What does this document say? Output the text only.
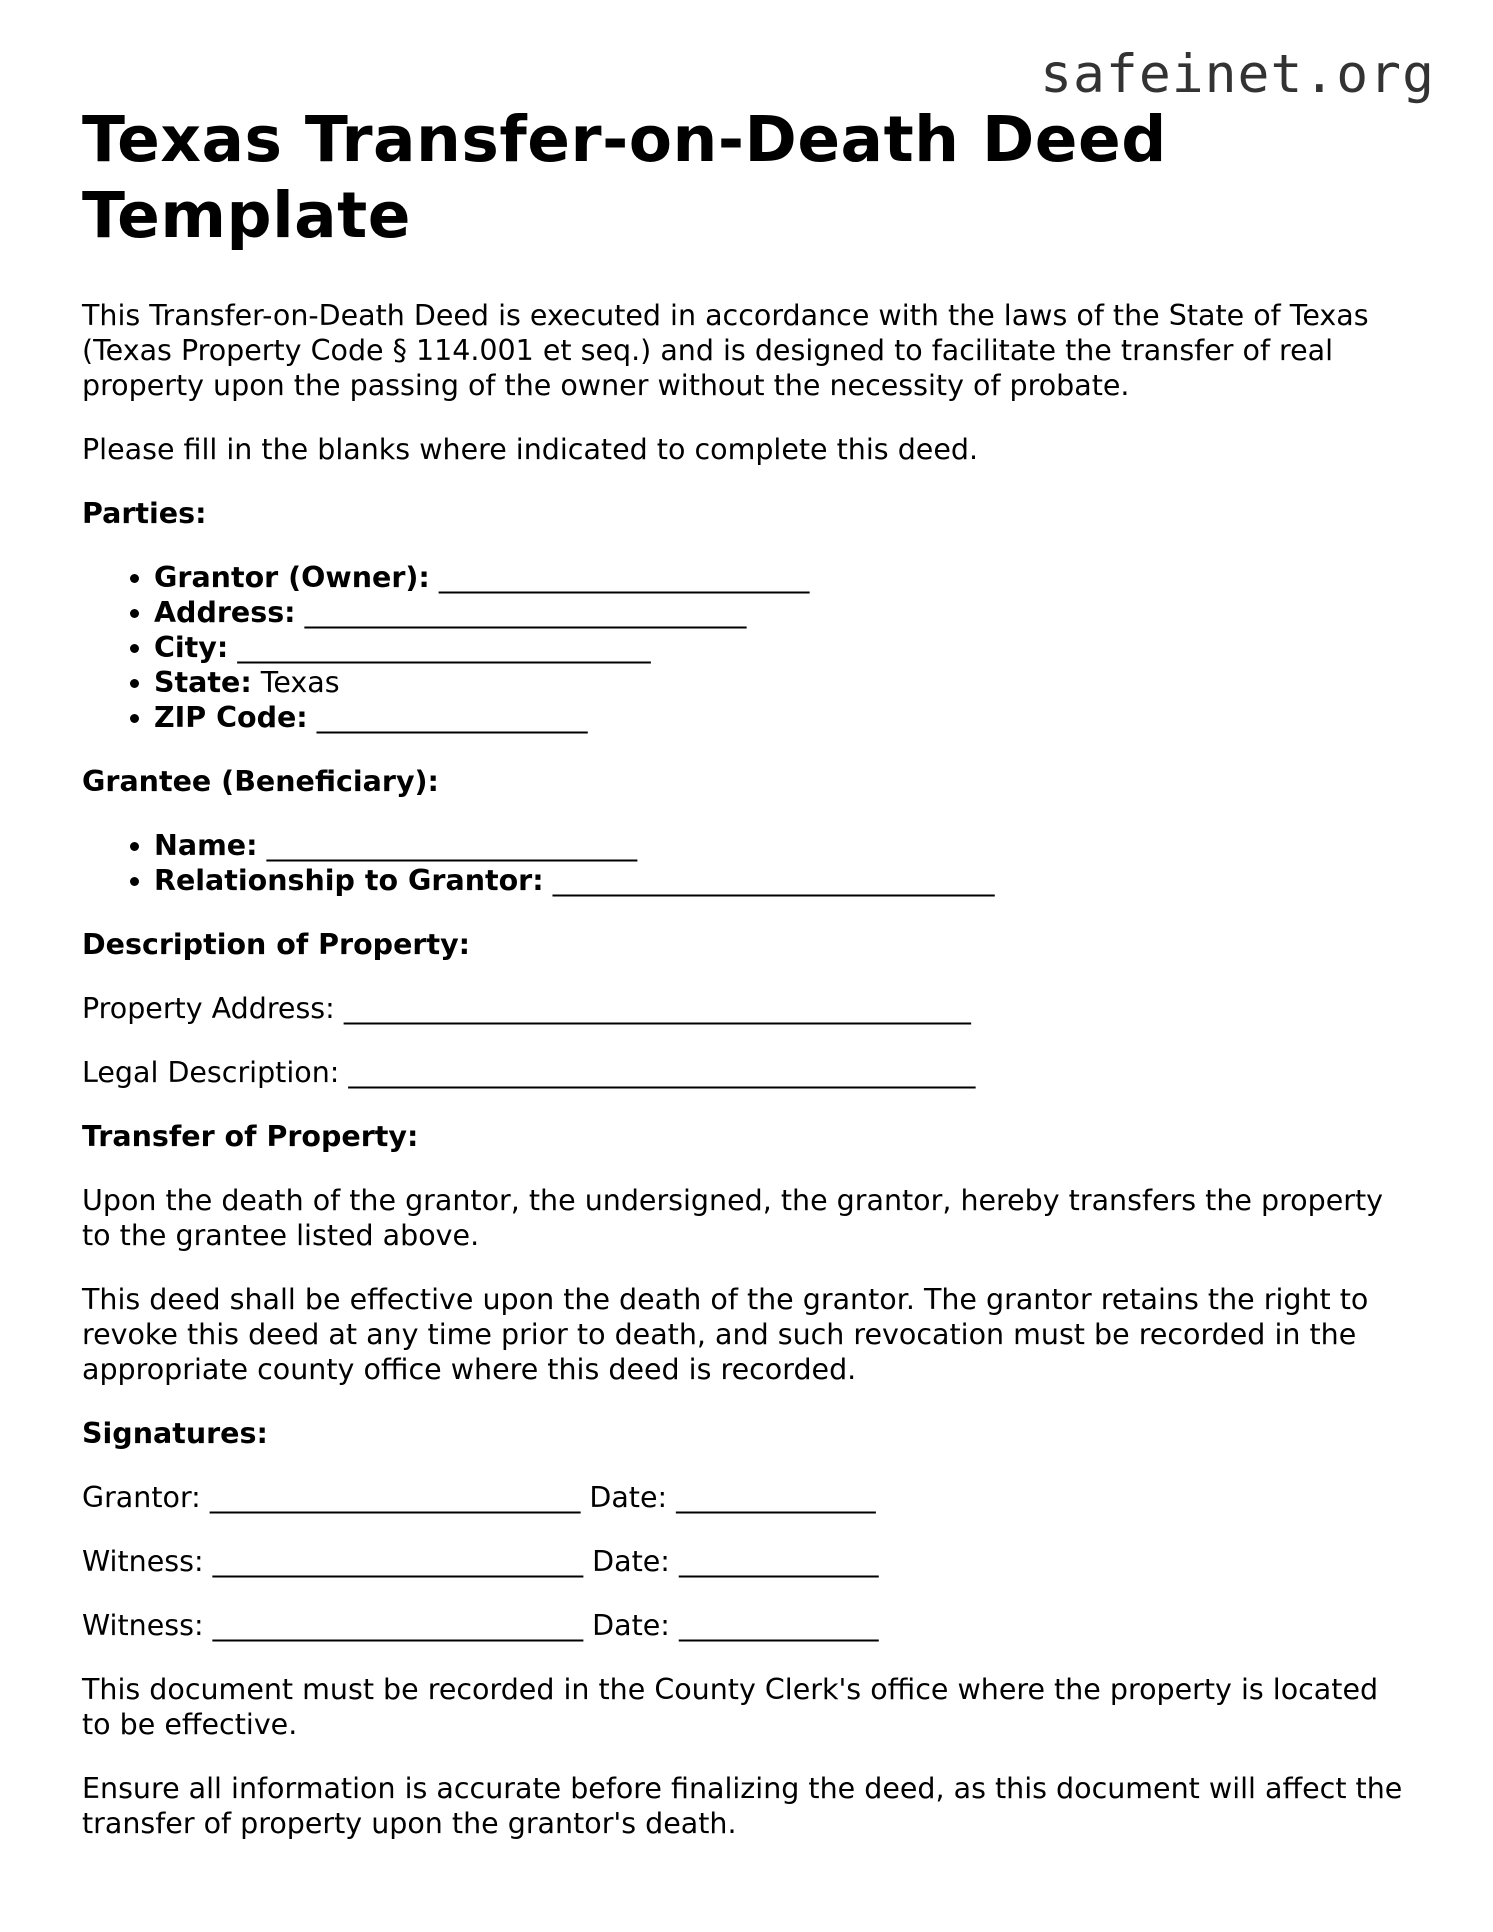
safeinet.org
Texas Transfer-on-Death Deed Template

This Transfer-on-Death Deed is executed in accordance with the laws of the State of Texas (Texas Property Code § 114.001 et seq.) and is designed to facilitate the transfer of real property upon the passing of the owner without the necessity of probate.

Please fill in the blanks where indicated to complete this deed.

Parties:
• Grantor (Owner): __________________________
• Address: _______________________________
• City: _____________________________
• State: Texas
• ZIP Code: ___________________
Grantee (Beneficiary):
• Name: __________________________
• Relationship to Grantor: _______________________________
Description of Property:

Property Address: ____________________________________________

Legal Description: ____________________________________________

Transfer of Property:

Upon the death of the grantor, the undersigned, the grantor, hereby transfers the property to the grantee listed above.

This deed shall be effective upon the death of the grantor. The grantor retains the right to revoke this deed at any time prior to death, and such revocation must be recorded in the appropriate county office where this deed is recorded.

Signatures:
Grantor: __________________________ Date: ______________
Witness: __________________________ Date: ______________
Witness: __________________________ Date: ______________

This document must be recorded in the County Clerk's office where the property is located to be effective.

Ensure all information is accurate before finalizing the deed, as this document will affect the transfer of property upon the grantor's death.
